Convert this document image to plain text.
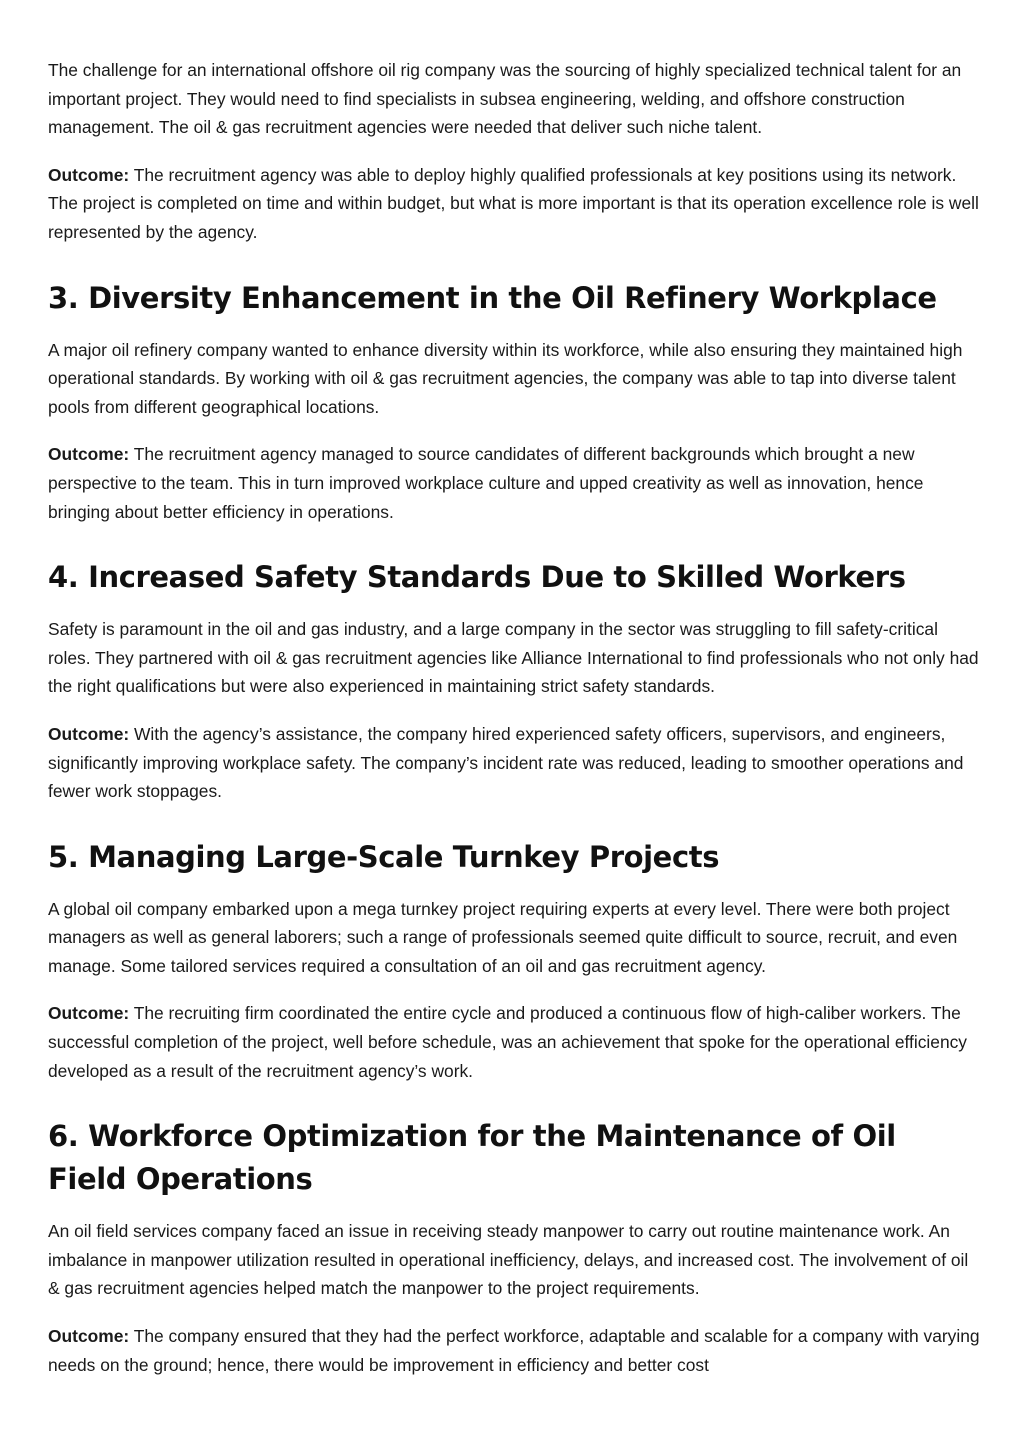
The challenge for an international offshore oil rig company was the sourcing of highly specialized technical talent for an important project. They would need to find specialists in subsea engineering, welding, and offshore construction management. The oil & gas recruitment agencies were needed that deliver such niche talent.

Outcome: The recruitment agency was able to deploy highly qualified professionals at key positions using its network. The project is completed on time and within budget, but what is more important is that its operation excellence role is well represented by the agency.

3. Diversity Enhancement in the Oil Refinery Workplace

A major oil refinery company wanted to enhance diversity within its workforce, while also ensuring they maintained high operational standards. By working with oil & gas recruitment agencies, the company was able to tap into diverse talent pools from different geographical locations.

Outcome: The recruitment agency managed to source candidates of different backgrounds which brought a new perspective to the team. This in turn improved workplace culture and upped creativity as well as innovation, hence bringing about better efficiency in operations.

4. Increased Safety Standards Due to Skilled Workers

Safety is paramount in the oil and gas industry, and a large company in the sector was struggling to fill safety-critical roles. They partnered with oil & gas recruitment agencies like Alliance International to find professionals who not only had the right qualifications but were also experienced in maintaining strict safety standards.

Outcome: With the agency’s assistance, the company hired experienced safety officers, supervisors, and engineers, significantly improving workplace safety. The company’s incident rate was reduced, leading to smoother operations and fewer work stoppages.

5. Managing Large-Scale Turnkey Projects

A global oil company embarked upon a mega turnkey project requiring experts at every level. There were both project managers as well as general laborers; such a range of professionals seemed quite difficult to source, recruit, and even manage. Some tailored services required a consultation of an oil and gas recruitment agency.

Outcome: The recruiting firm coordinated the entire cycle and produced a continuous flow of high-caliber workers. The successful completion of the project, well before schedule, was an achievement that spoke for the operational efficiency developed as a result of the recruitment agency’s work.

6. Workforce Optimization for the Maintenance of Oil Field Operations

An oil field services company faced an issue in receiving steady manpower to carry out routine maintenance work. An imbalance in manpower utilization resulted in operational inefficiency, delays, and increased cost. The involvement of oil & gas recruitment agencies helped match the manpower to the project requirements.

Outcome: The company ensured that they had the perfect workforce, adaptable and scalable for a company with varying needs on the ground; hence, there would be improvement in efficiency and better cost
